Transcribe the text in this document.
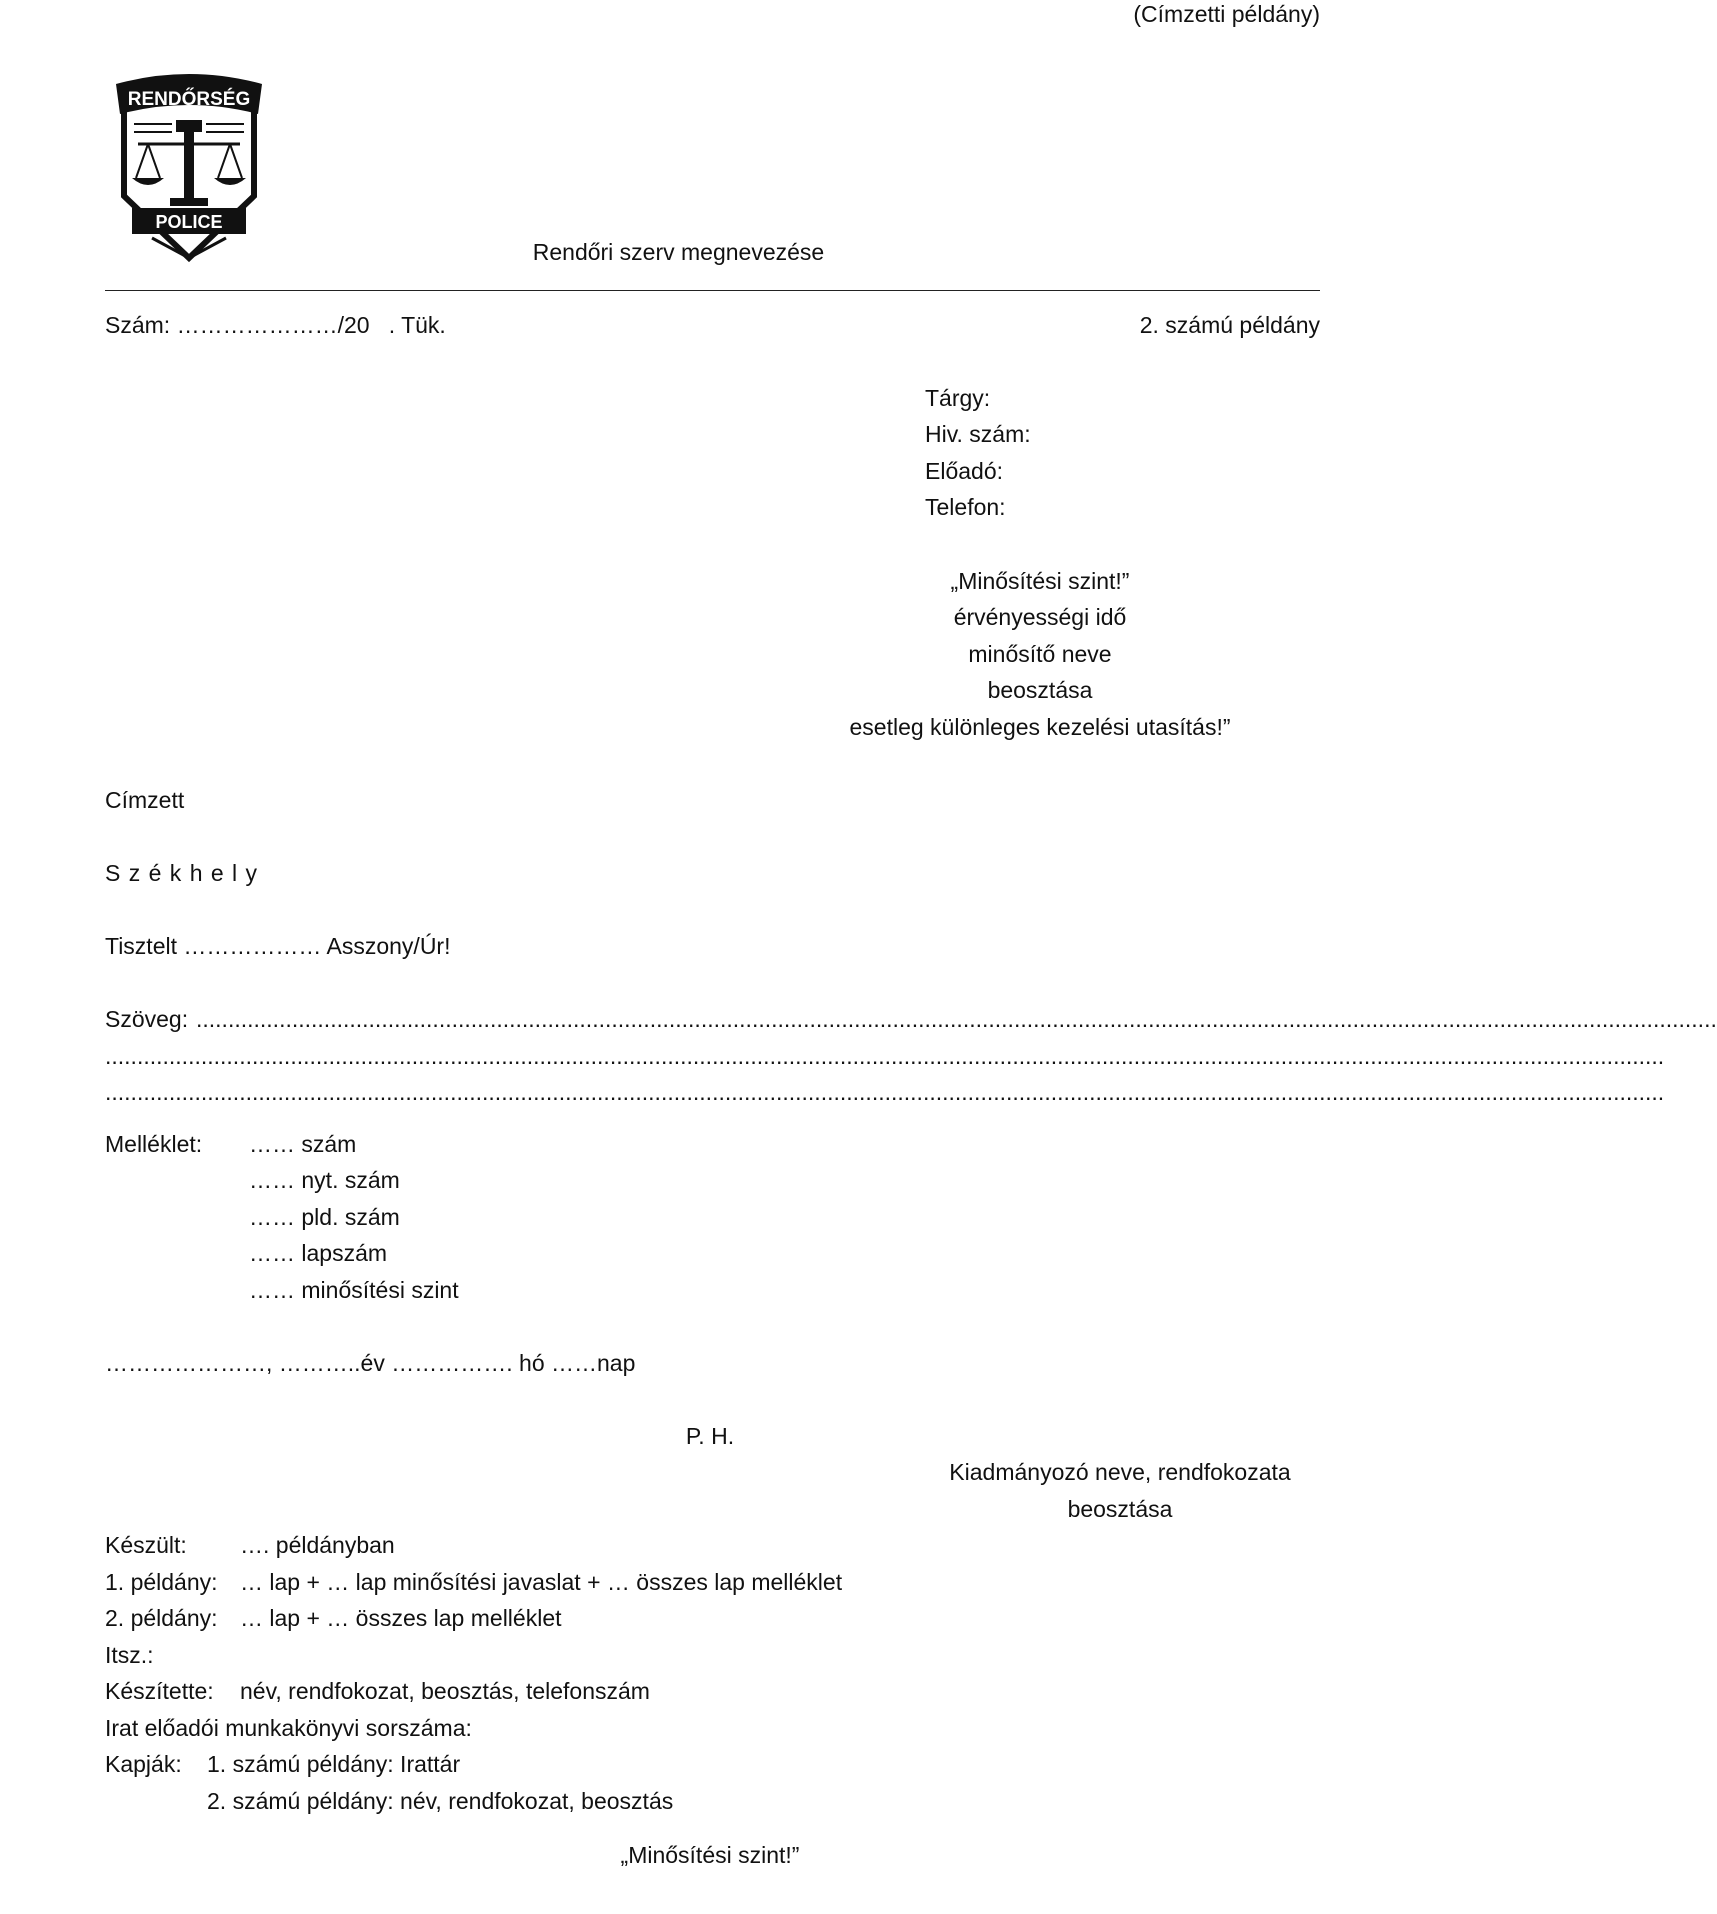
(Címzetti példány)
RENDŐRSÉG
POLICE
Rendőri szerv megnevezése
Szám: …………………/20   . Tük.	2. számú példány
Tárgy:
Hiv. szám:
Előadó:
Telefon:
„Minősítési szint!”
érvényességi idő
minősítő neve
beosztása
esetleg különleges kezelési utasítás!”
Címzett
S z é k h e l y
Tisztelt ……………… Asszony/Úr!
Szöveg: ..............................................................................................................................................................................................................................................
....................................................................................................................................................................................................................................................
....................................................................................................................................................................................................................................................
Melléklet: …… szám
…… nyt. szám
…… pld. szám
…… lapszám
…… minősítési szint
…………………, ………..év ……………. hó ……nap
P. H.
Kiadmányozó neve, rendfokozata
beosztása
Készült: …. példányban
1. példány: … lap + … lap minősítési javaslat + … összes lap melléklet
2. példány: … lap + … összes lap melléklet
Itsz.:
Készítette: név, rendfokozat, beosztás, telefonszám
Irat előadói munkakönyvi sorszáma:
Kapják: 1. számú példány: Irattár
2. számú példány: név, rendfokozat, beosztás
„Minősítési szint!”
